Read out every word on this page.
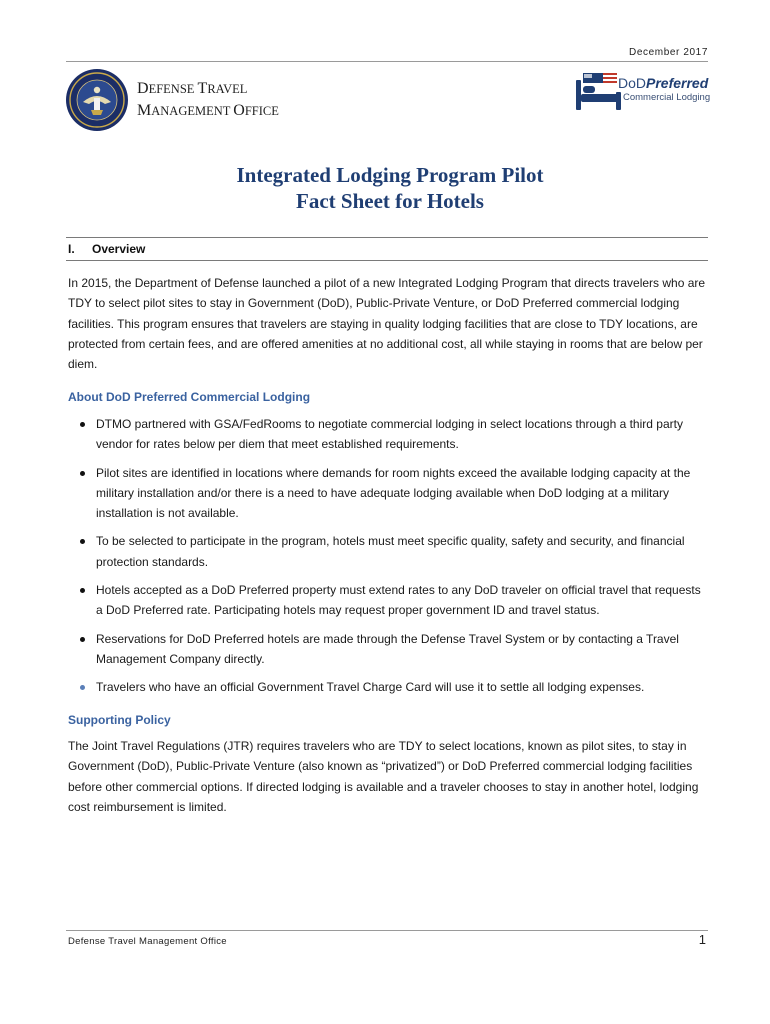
December 2017
DEFENSE TRAVEL
MANAGEMENT OFFICE
DoDPreferred
Commercial Lodging
Integrated Lodging Program Pilot
Fact Sheet for Hotels
I. Overview
In 2015, the Department of Defense launched a pilot of a new Integrated Lodging Program that directs travelers who are TDY to select pilot sites to stay in Government (DoD), Public-Private Venture, or DoD Preferred commercial lodging facilities. This program ensures that travelers are staying in quality lodging facilities that are close to TDY locations, are protected from certain fees, and are offered amenities at no additional cost, all while staying in rooms that are below per diem.
About DoD Preferred Commercial Lodging
DTMO partnered with GSA/FedRooms to negotiate commercial lodging in select locations through a third party vendor for rates below per diem that meet established requirements.
Pilot sites are identified in locations where demands for room nights exceed the available lodging capacity at the military installation and/or there is a need to have adequate lodging available when DoD lodging at a military installation is not available.
To be selected to participate in the program, hotels must meet specific quality, safety and security, and financial protection standards.
Hotels accepted as a DoD Preferred property must extend rates to any DoD traveler on official travel that requests a DoD Preferred rate. Participating hotels may request proper government ID and travel status.
Reservations for DoD Preferred hotels are made through the Defense Travel System or by contacting a Travel Management Company directly.
Travelers who have an official Government Travel Charge Card will use it to settle all lodging expenses.
Supporting Policy
The Joint Travel Regulations (JTR) requires travelers who are TDY to select locations, known as pilot sites, to stay in Government (DoD), Public-Private Venture (also known as “privatized”) or DoD Preferred commercial lodging facilities before other commercial options. If directed lodging is available and a traveler chooses to stay in another hotel, lodging cost reimbursement is limited.
Defense Travel Management Office	1
